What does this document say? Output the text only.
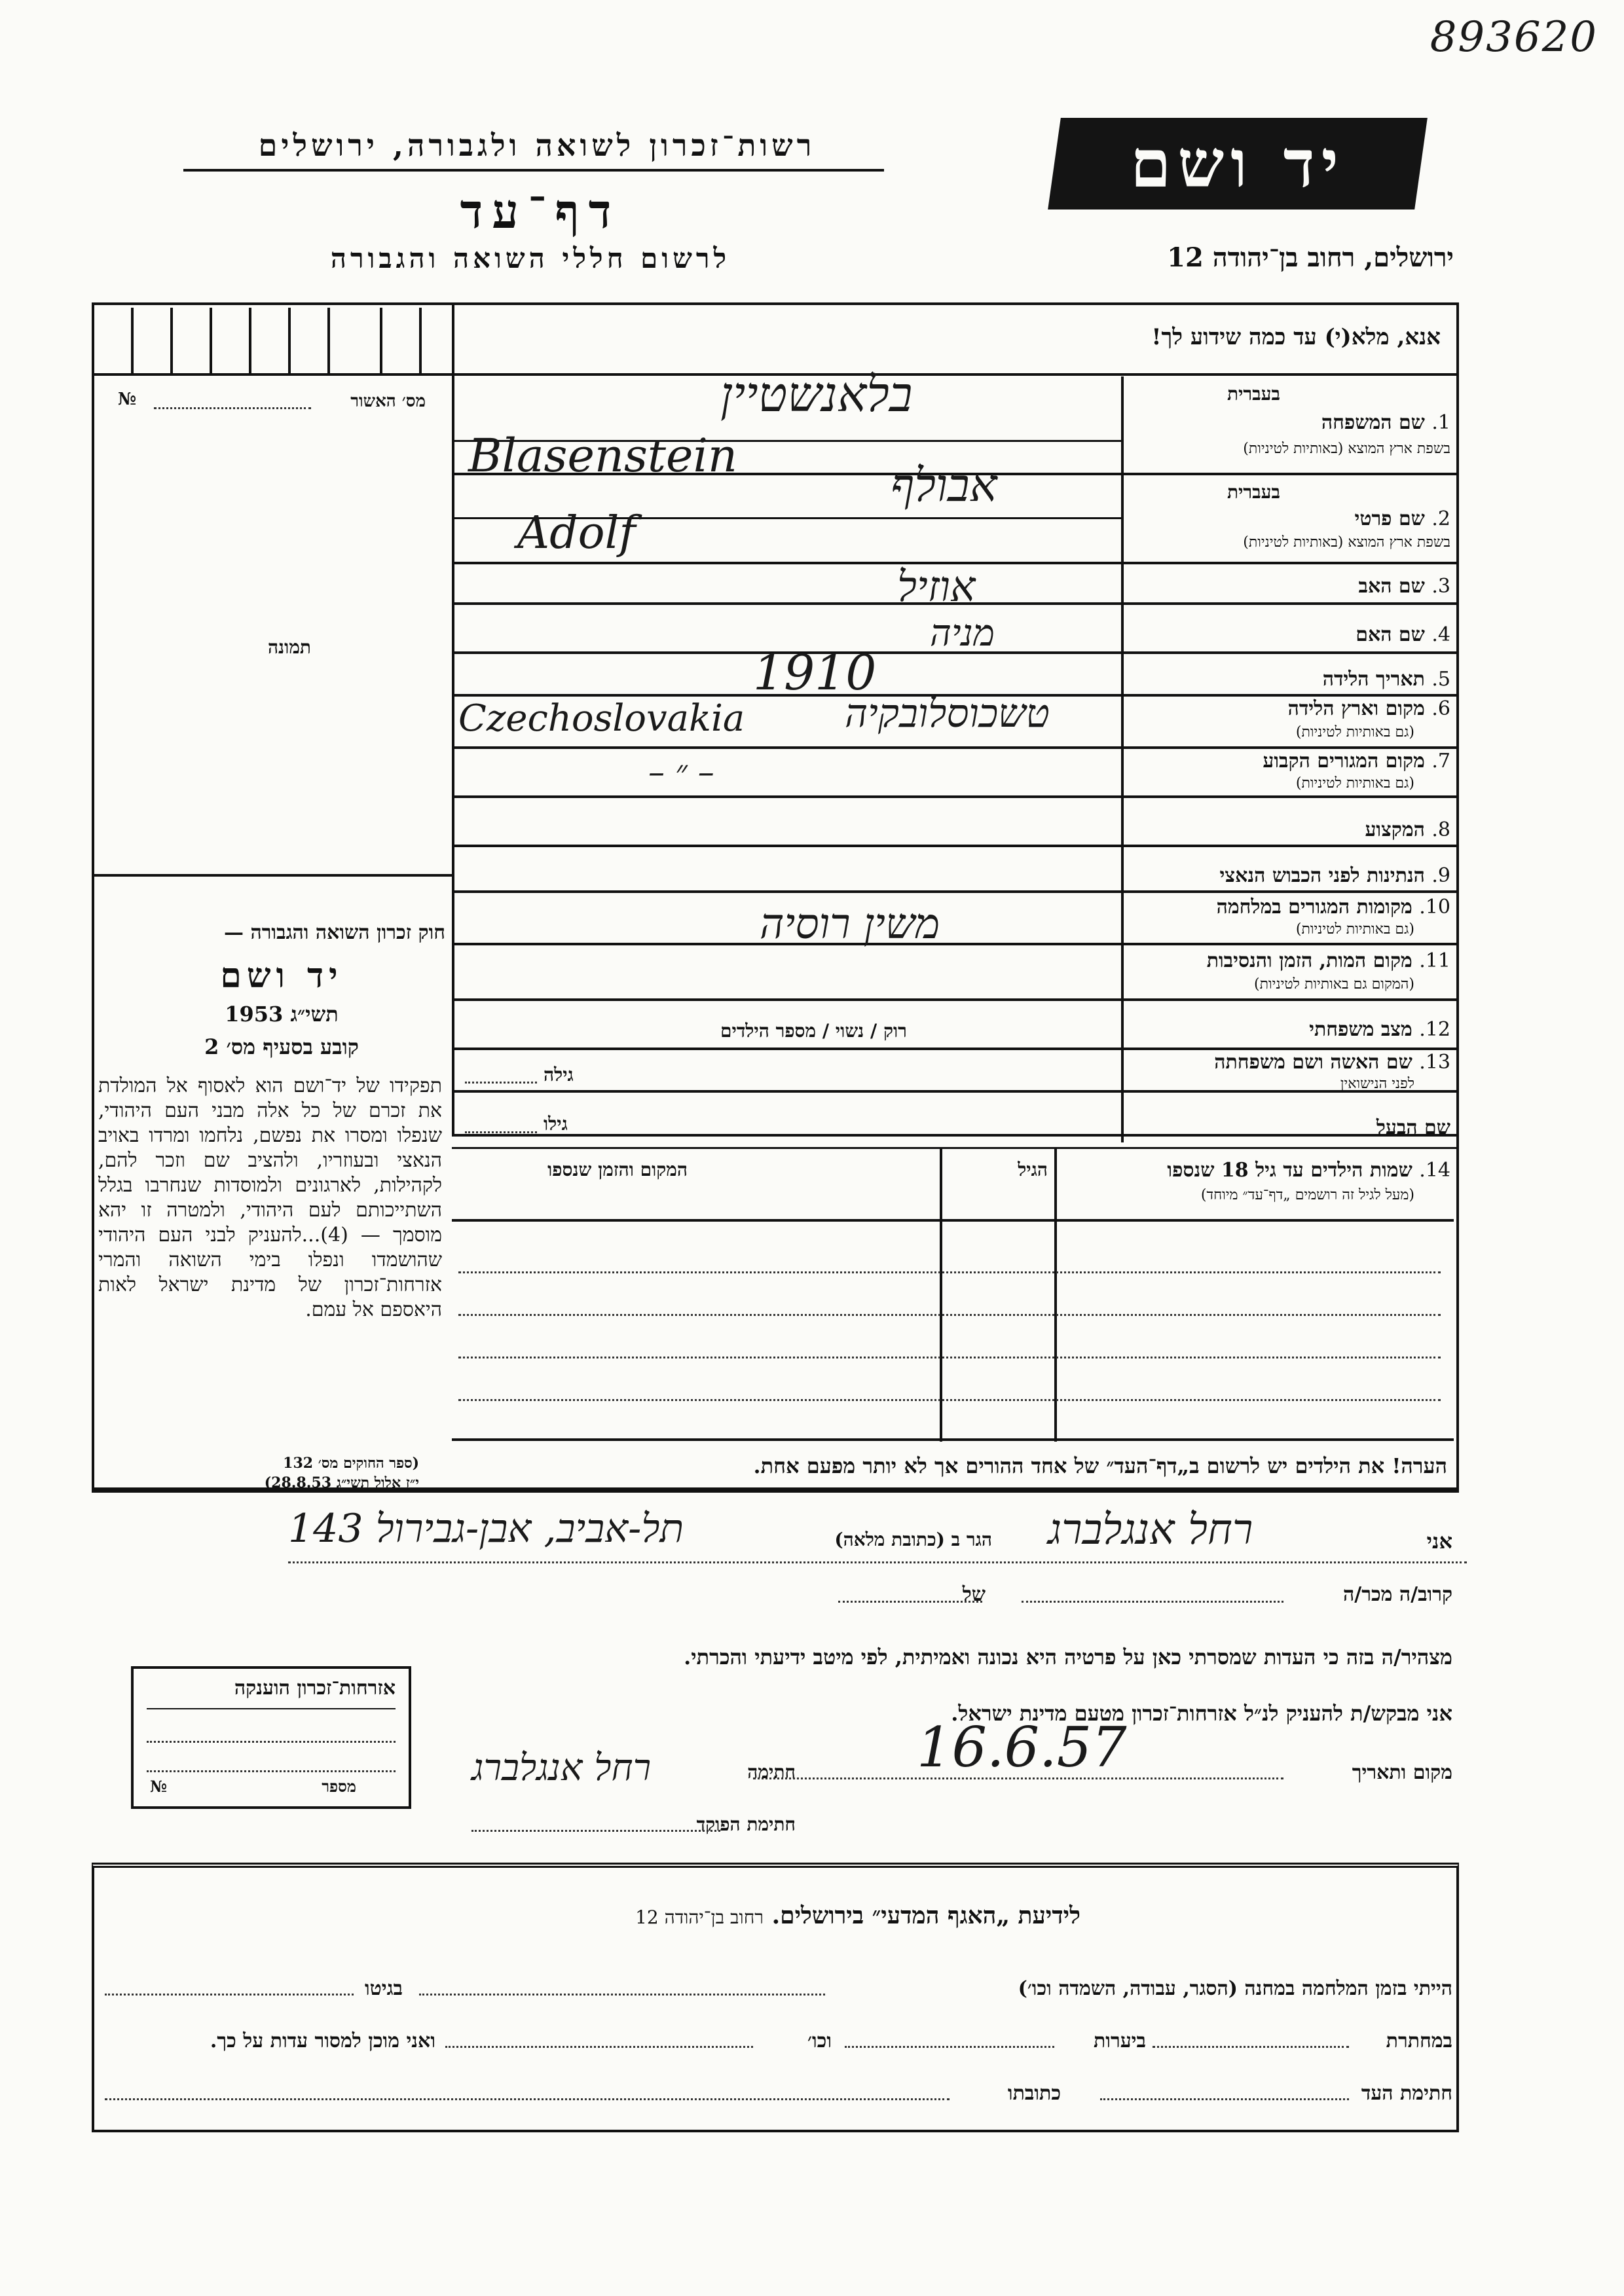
893620
רשות־זכרון לשואה ולגבורה, ירושלים
דף־עד
לרשום חללי השואה והגבורה
יד ושם
ירושלים, רחוב בן־יהודה 12
אנא, מלא(י) עד כמה שידוע לך!
מס׳ האשור
№
תמונה
חוק זכרון השואה והגבורה —
יד ושם
תשי״ג 1953
קובע בסעיף מס׳ 2
תפקידו של יד־ושם הוא לאסוף אל המולדת את זכרם של כל אלה מבני העם היהודי, שנפלו ומסרו את נפשם, נלחמו ומרדו באויב הנאצי ובעוזריו, ולהציב שם וזכר להם, לקהילות, לארגונים ולמוסדות שנחרבו בגלל השתייכותם לעם היהודי, ולמטרה זו יהא מוסמך — (4)...להעניק לבני העם היהודי שהושמדו ונפלו בימי השואה והמרי אזרחות־זכרון של מדינת ישראל לאות היאספם אל עמם.
(ספר החוקים מס׳ 132
י״ז אלול תשי״ג 28.8.53)
1. שם המשפחה
בעברית
בשפת ארץ המוצא (באותיות לטיניות)
בעברית
2. שם פרטי
בשפת ארץ המוצא (באותיות לטיניות)
3. שם האב
4. שם האם
5. תאריך הלידה
6. מקום וארץ הלידה
(גם באותיות לטיניות)
7. מקום המגורים הקבוע
(גם באותיות לטיניות)
8. המקצוע
9. הנתינות לפני הכבוש הנאצי
10. מקומות המגורים במלחמה
(גם באותיות לטיניות)
11. מקום המות, הזמן והנסיבות
(המקום גם באותיות לטיניות)
12. מצב משפחתי
13. שם האשה ושם משפחתה
לפני הנישואין
שם הבעל
בלאנשטיין
Blasenstein
אבולף
Adolf
אוזיל
מניה
1910
טשכוסלובקיה
Czechoslovakia
– ״ –
משין רוסיה
רוק / נשוי / מספר הילדים
גילה
גילו
14. שמות הילדים עד גיל 18 שנספו
(מעל לגיל זה רושמים „דף־עד״ מיוחד)
הגיל
המקום והזמן שנספו
הערה! את הילדים יש לרשום ב„דף־העד״ של אחד ההורים אך לא יותר מפעם אחת.
אני
רחל אנגלברג
הגר ב (כתובת מלאה)
תל-אביב, אבן-גבירול 143
קרוב/ה מכר/ה
של
מצהיר/ה בזה כי העדות שמסרתי כאן על פרטיה היא נכונה ואמיתית, לפי מיטב ידיעתי והכרתי.
אני מבקש/ת להעניק לנ״ל אזרחות־זכרון מטעם מדינת ישראל.
מקום ותאריך
16.6.57
חתימה
רחל אנגלברג
חתימת הפוקד
אזרחות־זכרון הוענקה
מספר
№
לידיעת „האגף המדעי״ בירושלים. רחוב בן־יהודה 12
הייתי בזמן המלחמה במחנה (הסגר, עבודה, השמדה וכו׳)
בגיטו
במחתרת
ביערות
וכו׳
ואני מוכן למסור עדות על כך.
חתימת העד
כתובתו
